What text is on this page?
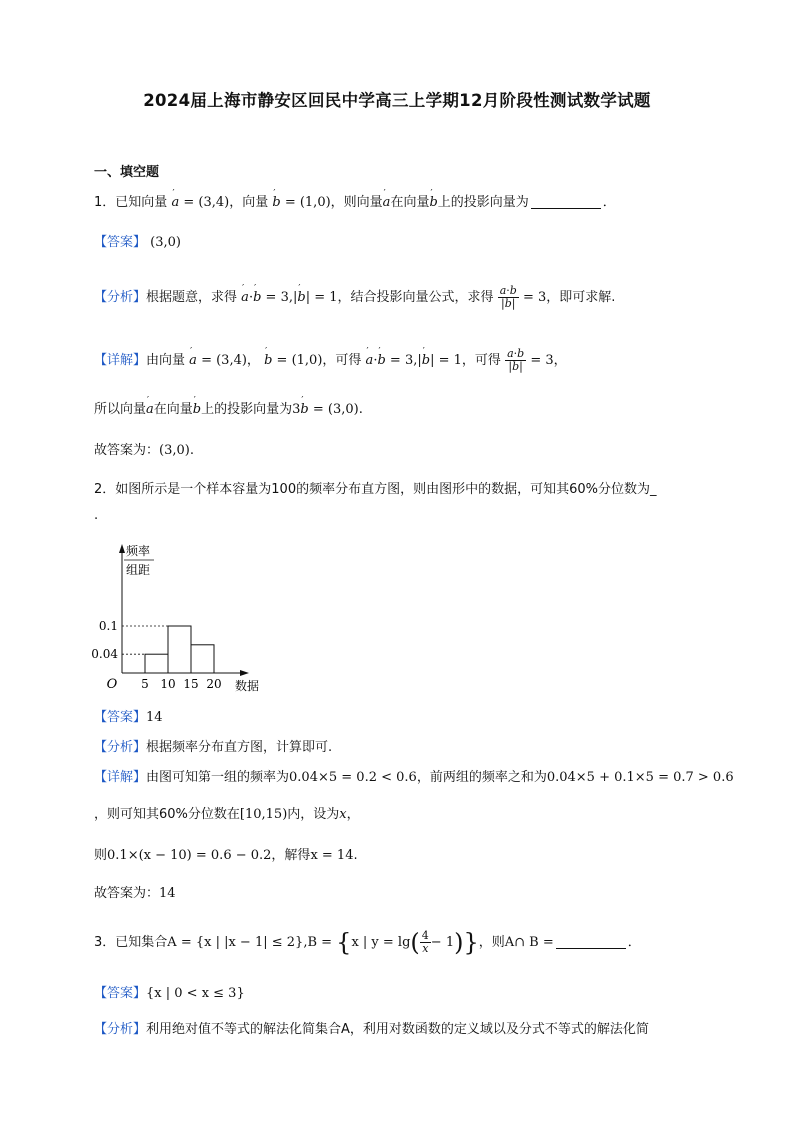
2024届上海市静安区回民中学高三上学期12月阶段性测试数学试题
一、填空题
1．已知向量 ′ a = (3,4)，向量 ′ b = (1,0)，则向量′ a在向量′ b上的投影向量为	．
【答案】 (3,0)
【分析】根据题意，求得 ′ a·′ b = 3,|′ b| = 1，结合投影向量公式，求得 $\frac{a\cdot b}{|b|} = 3$，即可求解.
【详解】由向量 ′ a = (3,4)， ′ b = (1,0)，可得 ′ a·′ b = 3,|′ b| = 1，可得 $\frac{a\cdot b}{|b|} = 3$，
所以向量′ a在向量′ b上的投影向量为3′ b = (3,0).
故答案为：(3,0).
2．如图所示是一个样本容量为100的频率分布直方图，则由图形中的数据，可知其60%分位数为_
.
0.1
0.04
5 10 15 20
O	数据
频率
组距
【答案】14
【分析】根据频率分布直方图，计算即可.
【详解】由图可知第一组的频率为0.04×5 = 0.2 < 0.6，前两组的频率之和为0.04×5 + 0.1×5 = 0.7 > 0.6
，则可知其60%分位数在[10,15)内，设为x，
则0.1×(x − 10) = 0.6 − 0.2，解得x = 14.
故答案为：14
3．已知集合A = {x | |x − 1| ≤ 2},B = {x | $y = \lg( \frac{4}{x} - 1)$}，则A∩ B =	．
【答案】{x | 0 < x ≤ 3}
【分析】利用绝对值不等式的解法化简集合A，利用对数函数的定义域以及分式不等式的解法化简
